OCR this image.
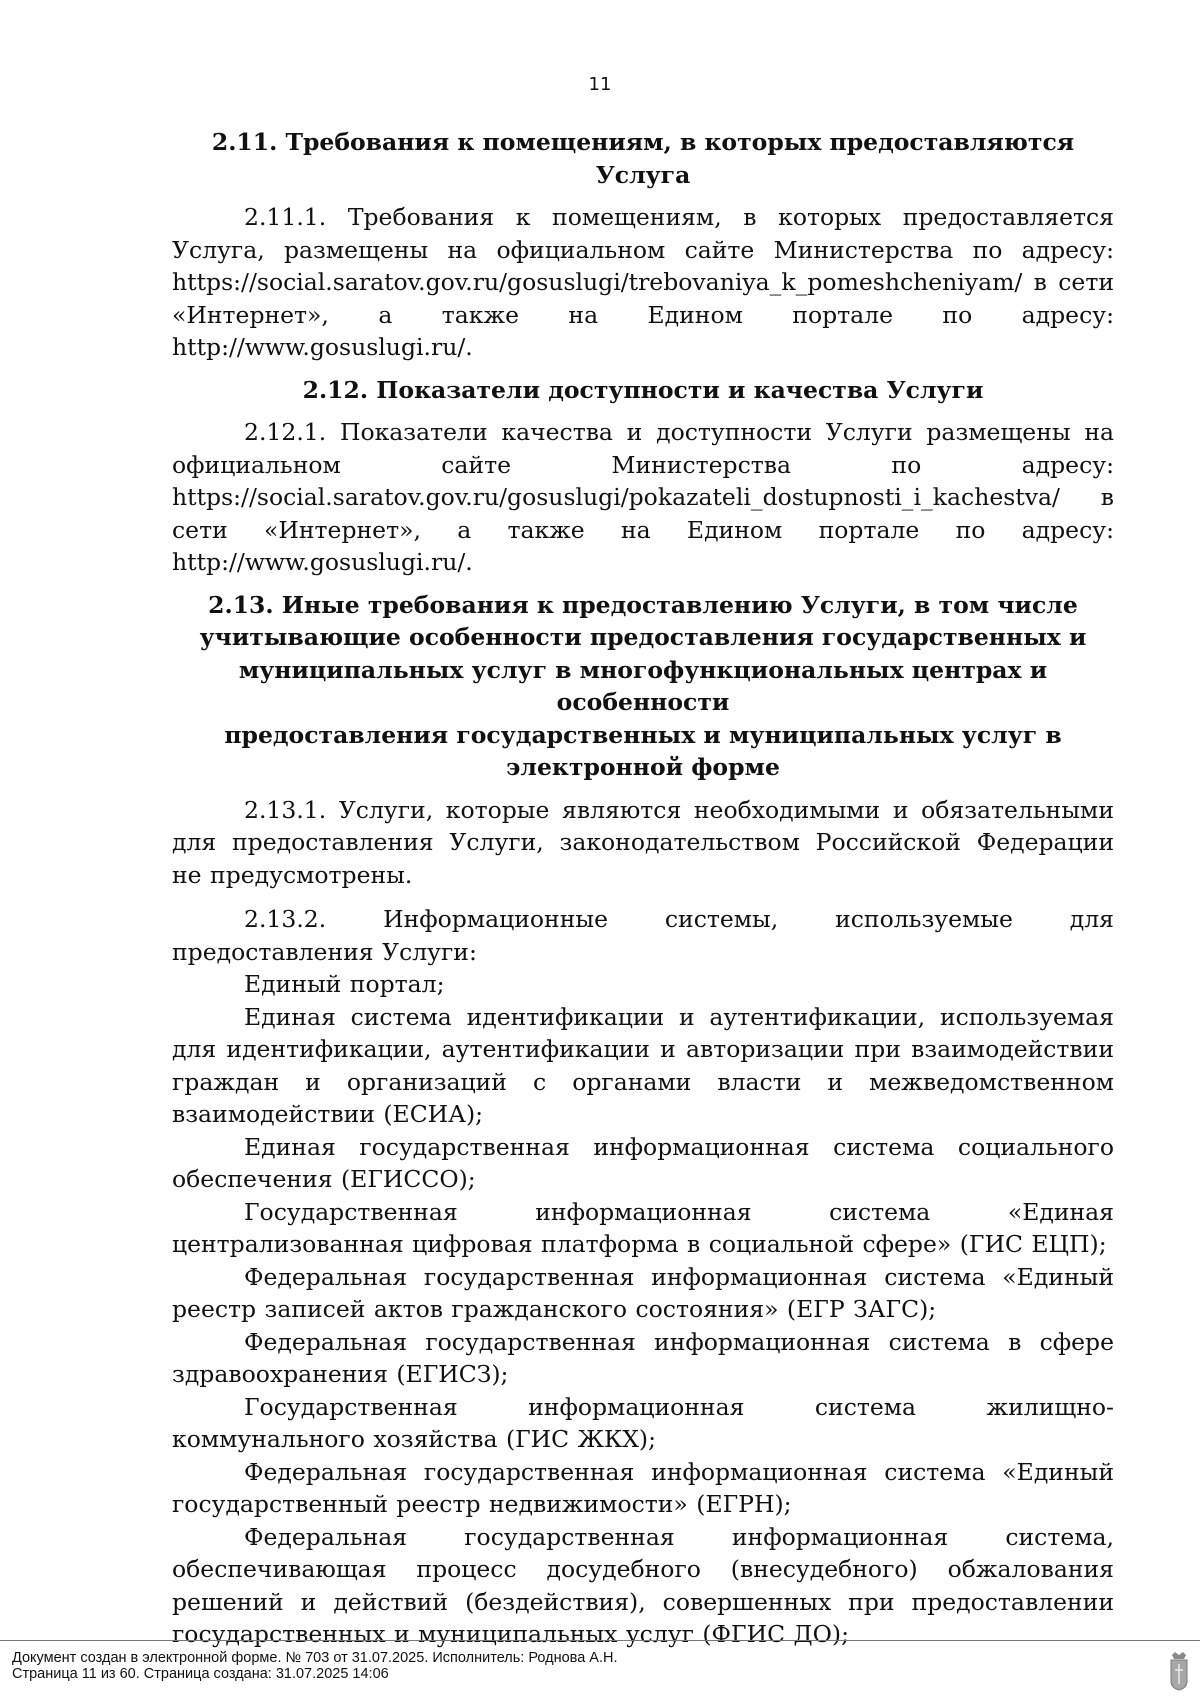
11
2.11. Требования к помещениям, в которых предоставляются Услуга

2.11.1. Требования к помещениям, в которых предоставляется Услуга, размещены на официальном сайте Министерства по адресу: https://social.saratov.gov.ru/gosuslugi/trebovaniya_k_pomeshcheniyam/ в сети «Интернет», а также на Едином портале по адресу: http://www.gosuslugi.ru/.

2.12. Показатели доступности и качества Услуги

2.12.1. Показатели качества и доступности Услуги размещены на официальном сайте Министерства по адресу: https://social.saratov.gov.ru/gosuslugi/pokazateli_dostupnosti_i_kachestva/ в сети «Интернет», а также на Едином портале по адресу: http://www.gosuslugi.ru/.

2.13. Иные требования к предоставлению Услуги, в том числе
учитывающие особенности предоставления государственных и
муниципальных услуг в многофункциональных центрах и особенности
предоставления государственных и муниципальных услуг в
электронной форме

2.13.1. Услуги, которые являются необходимыми и обязательными для предоставления Услуги, законодательством Российской Федерации не предусмотрены.

2.13.2. Информационные системы, используемые для предоставления Услуги:

Единый портал;
Единая система идентификации и аутентификации, используемая для идентификации, аутентификации и авторизации при взаимодействии граждан и организаций с органами власти и межведомственном взаимодействии (ЕСИА);
Единая государственная информационная система социального обеспечения (ЕГИССО);
Государственная информационная система «Единая централизованная цифровая платформа в социальной сфере» (ГИС ЕЦП);
Федеральная государственная информационная система «Единый реестр записей актов гражданского состояния» (ЕГР ЗАГС);
Федеральная государственная информационная система в сфере здравоохранения (ЕГИСЗ);
Государственная информационная система жилищно-коммунального хозяйства (ГИС ЖКХ);
Федеральная государственная информационная система «Единый государственный реестр недвижимости» (ЕГРН);
Федеральная государственная информационная система, обеспечивающая процесс досудебного (внесудебного) обжалования решений и действий (бездействия), совершенных при предоставлении государственных и муниципальных услуг (ФГИС ДО);
Документ создан в электронной форме. № 703 от 31.07.2025. Исполнитель: Роднова А.Н.
Страница 11 из 60. Страница создана: 31.07.2025 14:06
